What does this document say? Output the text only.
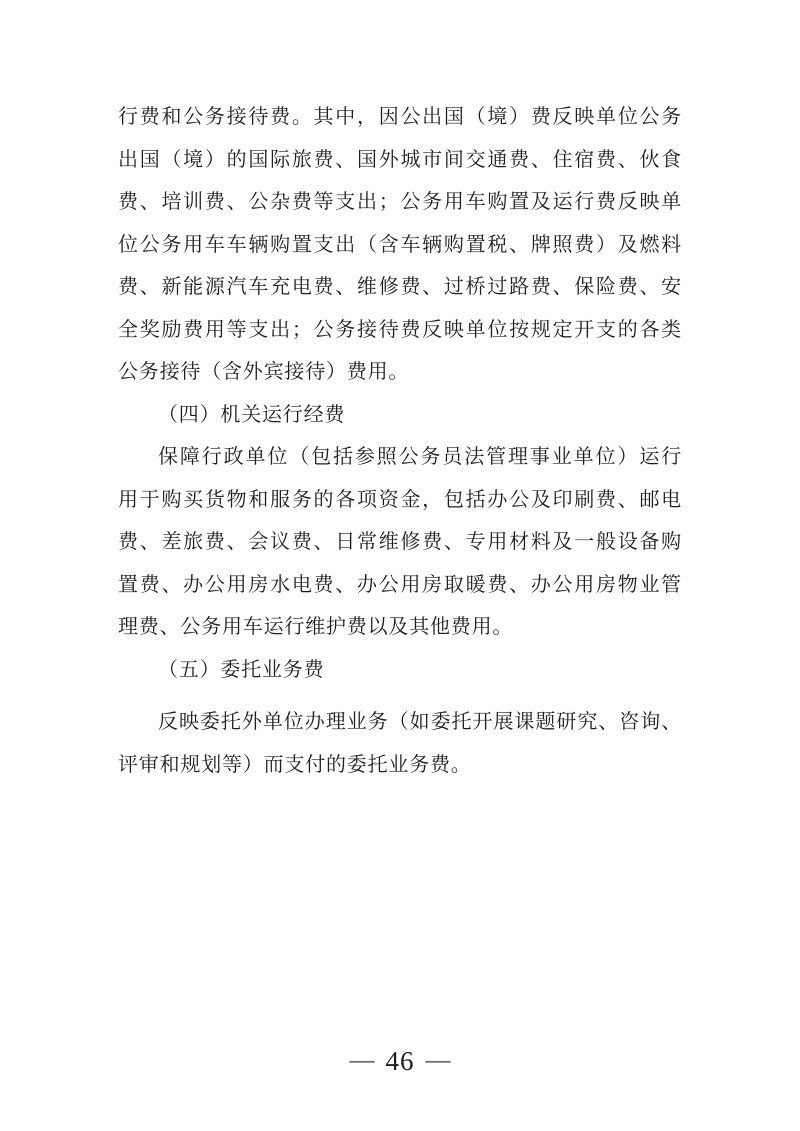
行费和公务接待费。其中，因公出国（境）费反映单位公务
出国（境）的国际旅费、国外城市间交通费、住宿费、伙食
费、培训费、公杂费等支出；公务用车购置及运行费反映单
位公务用车车辆购置支出（含车辆购置税、牌照费）及燃料
费、新能源汽车充电费、维修费、过桥过路费、保险费、安
全奖励费用等支出；公务接待费反映单位按规定开支的各类
公务接待（含外宾接待）费用。
（四）机关运行经费
保障行政单位（包括参照公务员法管理事业单位）运行
用于购买货物和服务的各项资金，包括办公及印刷费、邮电
费、差旅费、会议费、日常维修费、专用材料及一般设备购
置费、办公用房水电费、办公用房取暖费、办公用房物业管
理费、公务用车运行维护费以及其他费用。
（五）委托业务费
反映委托外单位办理业务（如委托开展课题研究、咨询、
评审和规划等）而支付的委托业务费。
— 46 —
